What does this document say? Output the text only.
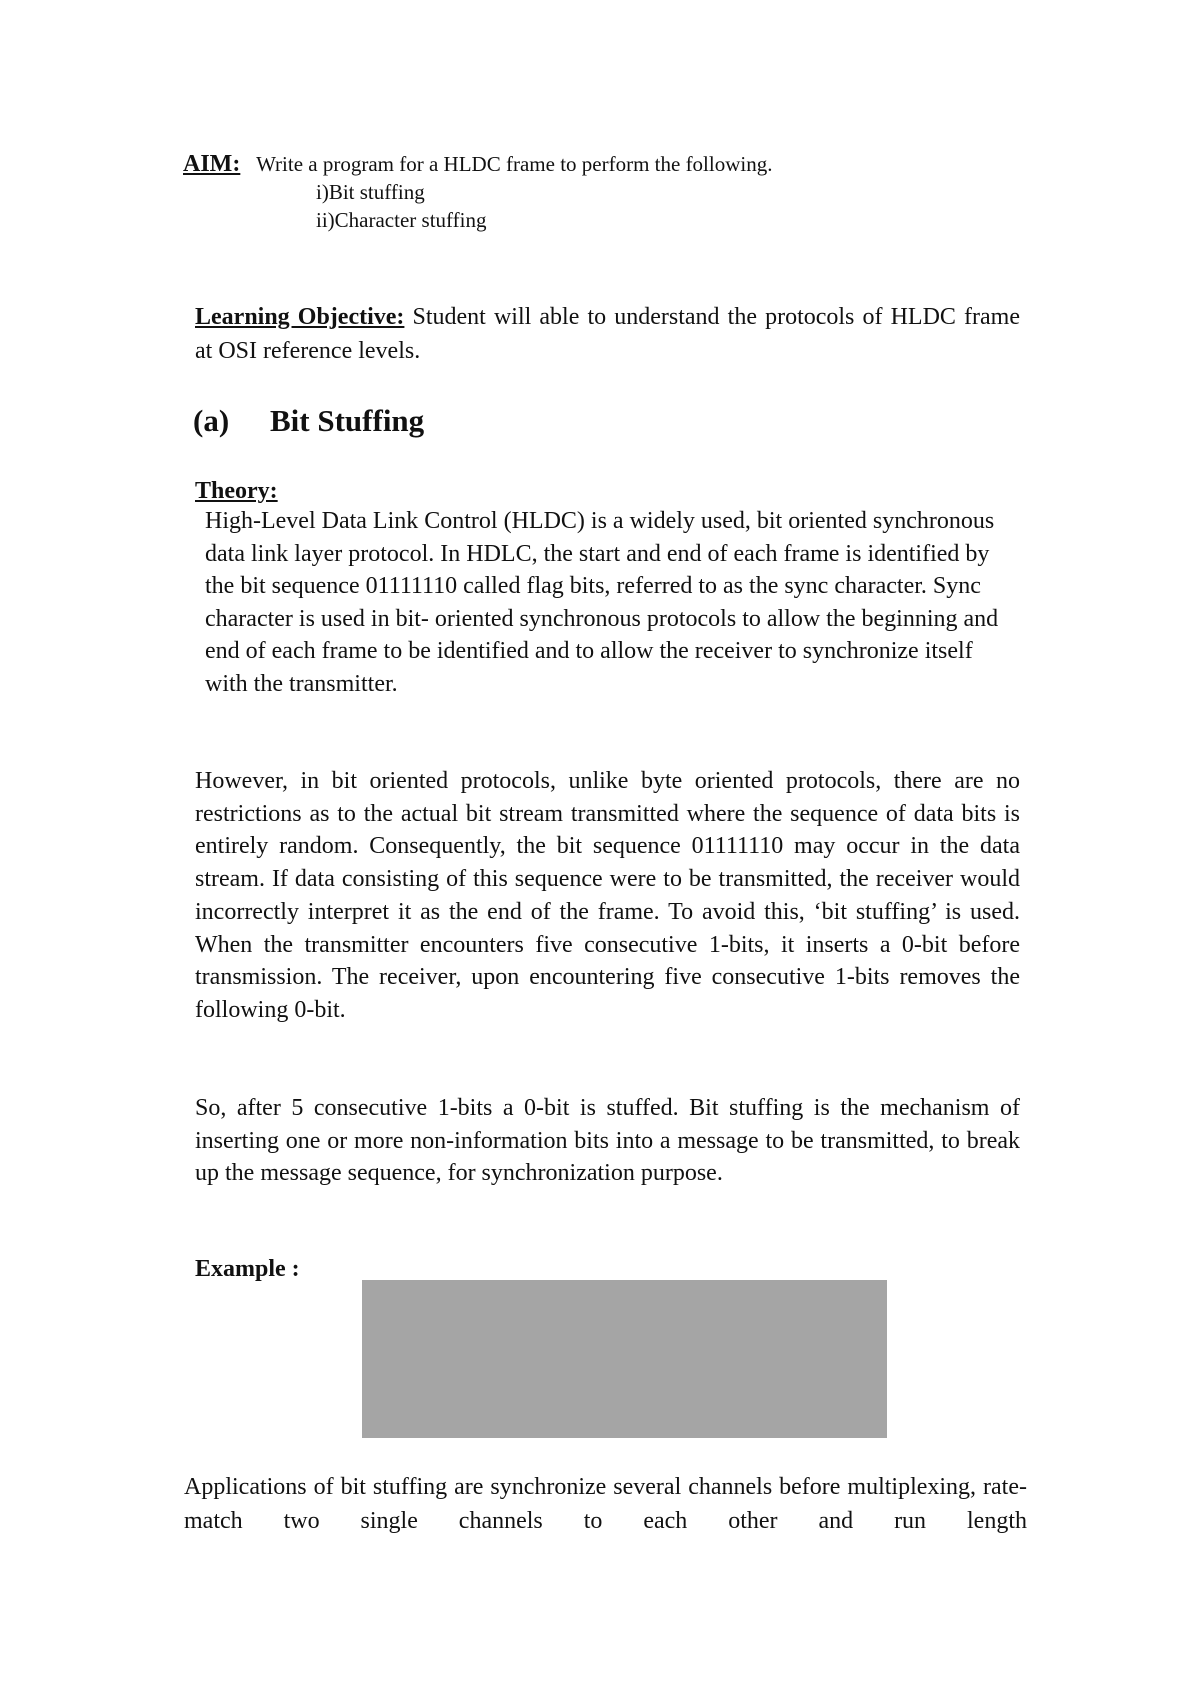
AIM: Write a program for a HLDC frame to perform the following.
i)Bit stuffing
ii)Character stuffing
Learning Objective: Student will able to understand the protocols of HLDC frame at OSI reference levels.
(a) Bit Stuffing
Theory:
High-Level Data Link Control (HLDC) is a widely used, bit oriented synchronous data link layer protocol. In HDLC, the start and end of each frame is identified by the bit sequence 01111110 called flag bits, referred to as the sync character. Sync character is used in bit- oriented synchronous protocols to allow the beginning and end of each frame to be identified and to allow the receiver to synchronize itself with the transmitter.
However, in bit oriented protocols, unlike byte oriented protocols, there are no restrictions as to the actual bit stream transmitted where the sequence of data bits is entirely random. Consequently, the bit sequence 01111110 may occur in the data stream. If data consisting of this sequence were to be transmitted, the receiver would incorrectly interpret it as the end of the frame. To avoid this, ‘bit stuffing’ is used. When the transmitter encounters five consecutive 1-bits, it inserts a 0-bit before transmission. The receiver, upon encountering five consecutive 1-bits removes the following 0-bit.
So, after 5 consecutive 1-bits a 0-bit is stuffed. Bit stuffing is the mechanism of inserting one or more non-information bits into a message to be transmitted, to break up the message sequence, for synchronization purpose.
Example :
Applications of bit stuffing are synchronize several channels before multiplexing, rate-match two single channels to each other and run length
